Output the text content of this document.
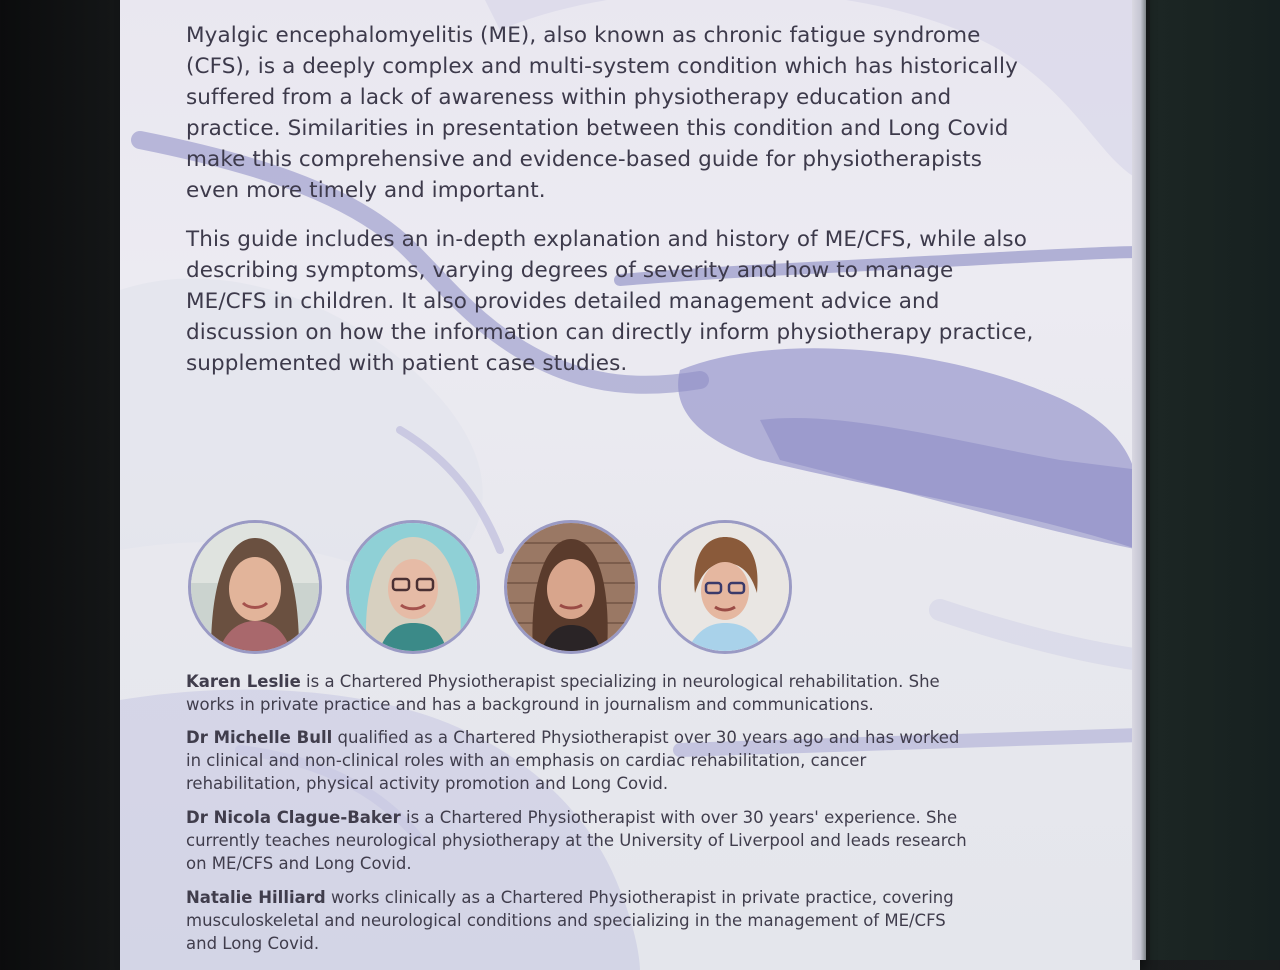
Myalgic encephalomyelitis (ME), also known as chronic fatigue syndrome (CFS), is a deeply complex and multi-system condition which has historically suffered from a lack of awareness within physiotherapy education and practice. Similarities in presentation between this condition and Long Covid make this comprehensive and evidence-based guide for physiotherapists even more timely and important.
This guide includes an in-depth explanation and history of ME/CFS, while also describing symptoms, varying degrees of severity and how to manage ME/CFS in children. It also provides detailed management advice and discussion on how the information can directly inform physiotherapy practice, supplemented with patient case studies.
Karen Leslie is a Chartered Physiotherapist specializing in neurological rehabilitation. She works in private practice and has a background in journalism and communications.
Dr Michelle Bull qualified as a Chartered Physiotherapist over 30 years ago and has worked in clinical and non-clinical roles with an emphasis on cardiac rehabilitation, cancer rehabilitation, physical activity promotion and Long Covid.
Dr Nicola Clague-Baker is a Chartered Physiotherapist with over 30 years' experience. She currently teaches neurological physiotherapy at the University of Liverpool and leads research on ME/CFS and Long Covid.
Natalie Hilliard works clinically as a Chartered Physiotherapist in private practice, covering musculoskeletal and neurological conditions and specializing in the management of ME/CFS and Long Covid.
